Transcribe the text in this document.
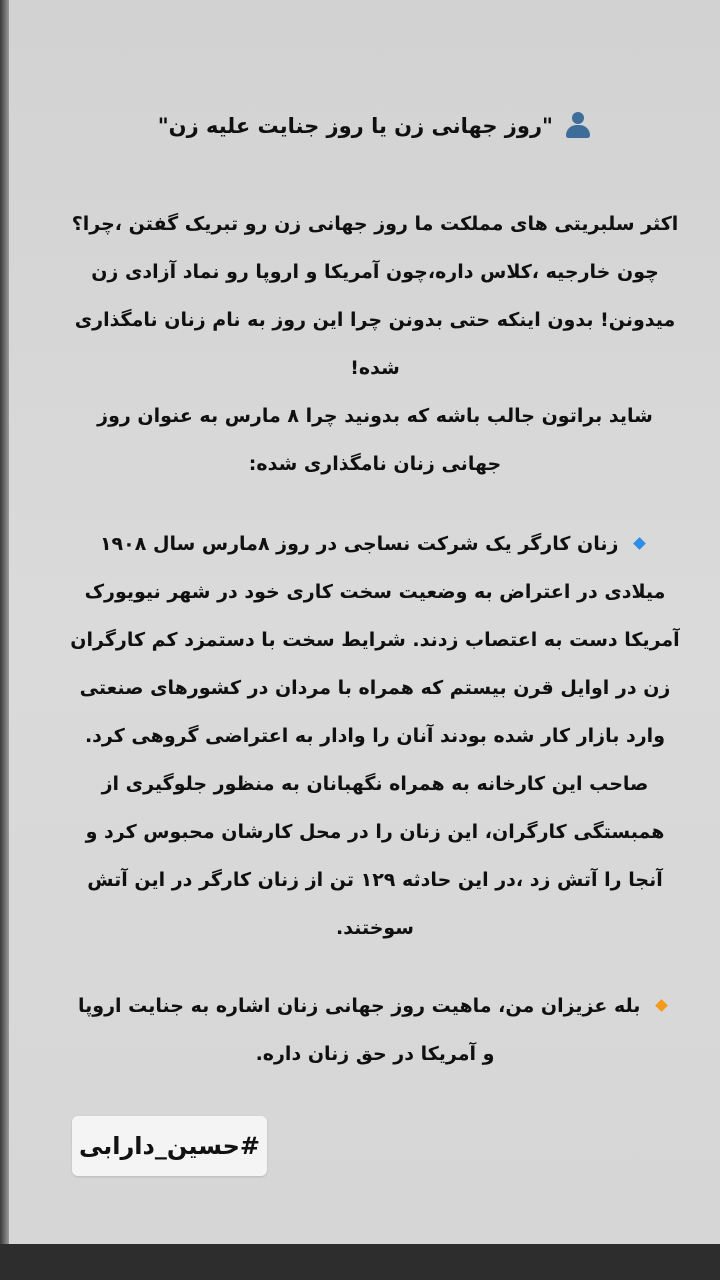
"روز جهانی زن یا روز جنایت علیه زن"
اکثر سلبریتی های مملکت ما روز جهانی زن رو تبریک گفتن ،چرا؟ چون خارجیه ،کلاس داره،چون آمریکا و اروپا رو نماد آزادی زن میدونن! بدون اینکه حتی بدونن چرا این روز به نام زنان نامگذاری شده!
شاید براتون جالب باشه که بدونید چرا ۸ مارس به عنوان روز جهانی زنان نامگذاری شده:
زنان کارگر یک شرکت نساجی در روز ۸مارس سال ۱۹۰۸ میلادی در اعتراض به وضعیت سخت کاری خود در شهر نیویورک آمریکا دست به اعتصاب زدند. شرایط سخت با دستمزد کم کارگران زن در اوایل قرن بیستم که همراه با مردان در کشورهای صنعتی وارد بازار کار شده بودند آنان را وادار به اعتراضی گروهی کرد. صاحب این کارخانه به همراه نگهبانان به منظور جلوگیری از همبستگی کارگران، این زنان را در محل کارشان محبوس کرد و آنجا را آتش زد ،در این حادثه ۱۲۹ تن از زنان کارگر در این آتش سوختند.
بله عزیزان من، ماهیت روز جهانی زنان اشاره به جنایت اروپا و آمریکا در حق زنان داره.
#حسین_دارابی
